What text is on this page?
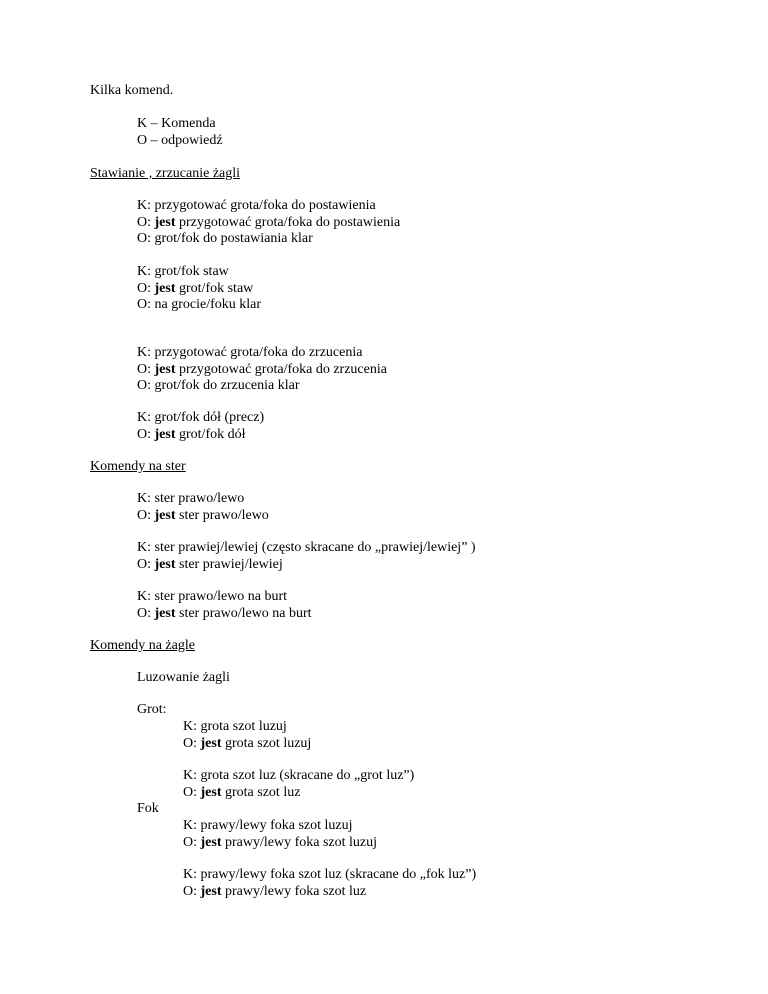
Kilka komend.
K – Komenda
O – odpowiedź
Stawianie , zrzucanie żagli
K: przygotować grota/foka do postawienia
O: jest przygotować grota/foka do postawienia
O: grot/fok do postawiania klar
K: grot/fok staw
O: jest grot/fok staw
O: na grocie/foku klar
K: przygotować grota/foka do zrzucenia
O: jest przygotować grota/foka do zrzucenia
O: grot/fok do zrzucenia klar
K: grot/fok dół (precz)
O: jest grot/fok dół
Komendy na ster
K: ster prawo/lewo
O: jest ster prawo/lewo
K: ster prawiej/lewiej (często skracane do „prawiej/lewiej” )
O: jest ster prawiej/lewiej
K: ster prawo/lewo na burt
O: jest ster prawo/lewo na burt
Komendy na żagle
Luzowanie żagli
Grot:
K: grota szot luzuj
O: jest grota szot luzuj
K: grota szot luz (skracane do „grot luz”)
O: jest grota szot luz
Fok
K: prawy/lewy foka szot luzuj
O: jest prawy/lewy foka szot luzuj
K: prawy/lewy foka szot luz (skracane do „fok luz”)
O: jest prawy/lewy foka szot luz
